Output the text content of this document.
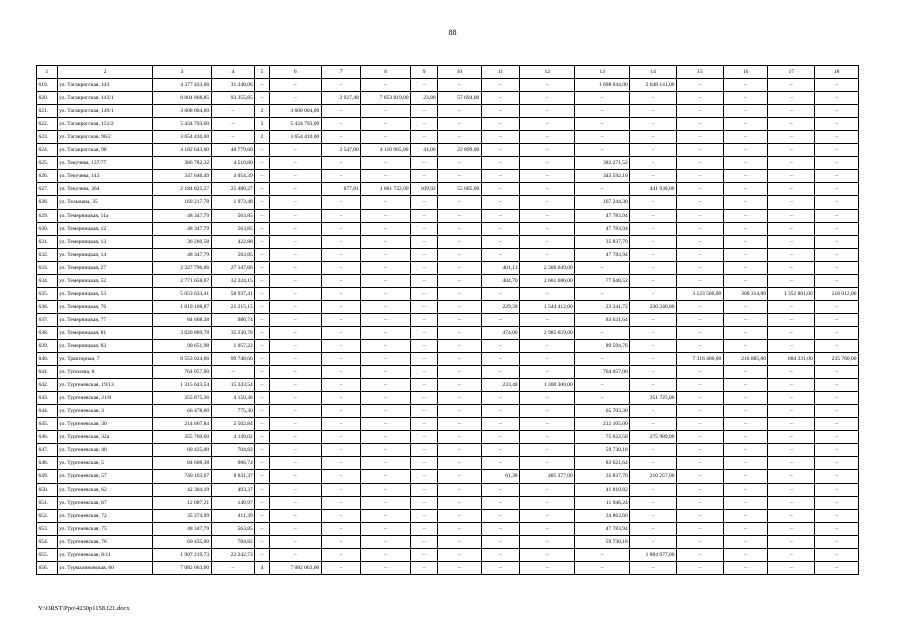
88
1	2	3	4	5	6	7	8	9	10	11	12	13	14	15	16	17	18
619.	ул. Таганрогская, 143	4 377 433,06	31 248,06	–	–	–	–	–	–	–	–	1 698 044,00	2 648 141,00	–	–	–	–
620.	ул. Таганрогская, 143/1	8 004 868,85	93 355,85	–	–	2 927,48	7 853 819,00	23,80	57 694,00	–	–	–	–	–	–	–	–
621.	ул. Таганрогская, 149/1	3 608 004,00	–	2	3 608 004,00	–	–	–	–	–	–	–	–	–	–	–	–
622.	ул. Таганрогская, 151/2	5 434 793,00	–	3	5 434 793,00	–	–	–	–	–	–	–	–	–	–	–	–
623.	ул. Таганрогская, 96/2	3 654 410,00	–	2	3 654 410,00	–	–	–	–	–	–	–	–	–	–	–	–
624.	ул. Таганрогская, 98	4 182 643,60	48 779,60	–	–	2 547,00	4 110 965,00	41,00	22 899,00	–	–	–	–	–	–	–	–
625.	ул. Текучева, 137/77	386 782,32	4 510,80	–	–	–	–	–	–	–	–	382 271,52	–	–	–	–	–
626.	ул. Текучева, 143	347 646,49	4 054,39	–	–	–	–	–	–	–	–	343 592,10	–	–	–	–	–
627.	ул. Текучева, 364	2 184 825,27	25 480,27	–	–	677,81	1 661 722,00	109,92	55 685,00	–	–	–	441 938,00	–	–	–	–
628.	ул. Тельмана, 35	169 217,78	1 973,48	–	–	–	–	–	–	–	–	167 244,30	–	–	–	–	–
629.	ул. Темерницкая, 11а	48 347,79	563,85	–	–	–	–	–	–	–	–	47 783,94	–	–	–	–	–
630.	ул. Темерницкая, 12	48 347,79	563,85	–	–	–	–	–	–	–	–	47 783,94	–	–	–	–	–
631.	ул. Темерницкая, 13	36 260,58	422,88	–	–	–	–	–	–	–	–	35 837,70	–	–	–	–	–
632.	ул. Темерницкая, 14	48 347,79	563,85	–	–	–	–	–	–	–	–	47 783,94	–	–	–	–	–
633.	ул. Темерницкая, 27	2 327 796,66	27 147,66	–	–	–	–	–	–	401,13	2 300 649,00	–	–	–	–	–	–
634.	ул. Темерницкая, 52	2 771 658,67	32 324,15	–	–	–	–	–	–	404,70	2 661 686,00	77 648,52	–	–	–	–	–
635.	ул. Темерницкая, 53	5 053 633,41	58 937,41	–	–	–	–	–	–	–	–	–	–	3 123 569,00	300 314,00	1 352 801,00	218 012,00
636.	ул. Темерницкая, 76	1 819 108,87	21 215,15	–	–	–	–	–	–	229,39	1 544 412,00	23 241,72	230 240,00	–	–	–	–
637.	ул. Темерницкая, 77	84 608,38	986,74	–	–	–	–	–	–	–	–	83 621,64	–	–	–	–	–
638.	ул. Темерницкая, 81	3 020 889,78	35 230,78	–	–	–	–	–	–	474,00	2 985 659,00	–	–	–	–	–	–
639.	ул. Темерницкая, 83	90 651,98	1 057,22	–	–	–	–	–	–	–	–	89 594,76	–	–	–	–	–
640.	ул. Тракторная, 7	8 553 024,66	99 748,66	–	–	–	–	–	–	–	–	–	–	7 316 400,00	216 885,00	684 231,00	235 760,00
641.	ул. Туполева, 8	764 057,00	–	–	–	–	–	–	–	–	–	764 057,00	–	–	–	–	–
642.	ул. Тургеневская, 19/13	1 315 643,54	15 343,54	–	–	–	–	–	–	233,48	1 300 300,00	–	–	–	–	–	–
643.	ул. Тургеневская, 21/8	355 875,36	4 150,36	–	–	–	–	–	–	–	–	–	351 725,00	–	–	–	–
644.	ул. Тургеневская, 3	66 478,60	775,30	–	–	–	–	–	–	–	–	65 703,30	–	–	–	–	–
645.	ул. Тургеневская, 30	214 607,84	2 502,84	–	–	–	–	–	–	–	–	212 105,00	–	–	–	–	–
646.	ул. Тургеневская, 32а	355 760,60	4 149,02	–	–	–	–	–	–	–	–	75 622,58	275 989,00	–	–	–	–
647.	ул. Тургеневская, 40	60 435,00	704,82	–	–	–	–	–	–	–	–	59 730,18	–	–	–	–	–
648.	ул. Тургеневская, 5	84 608,38	986,74	–	–	–	–	–	–	–	–	83 621,64	–	–	–	–	–
649.	ул. Тургеневская, 57	740 103,07	8 631,37	–	–	–	–	–	–	61,38	485 377,00	35 837,70	210 257,00	–	–	–	–
650.	ул. Тургеневская, 62	42 304,19	493,37	–	–	–	–	–	–	–	–	41 810,82	–	–	–	–	–
651.	ул. Тургеневская, 67	12 087,21	140,97	–	–	–	–	–	–	–	–	11 946,24	–	–	–	–	–
652.	ул. Тургеневская, 72	35 274,99	411,39	–	–	–	–	–	–	–	–	34 863,60	–	–	–	–	–
653.	ул. Тургеневская, 75	48 347,79	563,85	–	–	–	–	–	–	–	–	47 783,94	–	–	–	–	–
654.	ул. Тургеневская, 76	60 435,00	704,82	–	–	–	–	–	–	–	–	59 730,18	–	–	–	–	–
655.	ул. Тургеневская, 8/11	1 907 219,73	22 242,73	–	–	–	–	–	–	–	–	–	1 884 977,00	–	–	–	–
656.	ул. Турмалиновская, 60	7 082 063,00	–	4	7 082 063,00	–	–	–	–	–	–	–	–	–	–	–	–
Y:\ORST\Ppo\4230p1158.f21.docx
